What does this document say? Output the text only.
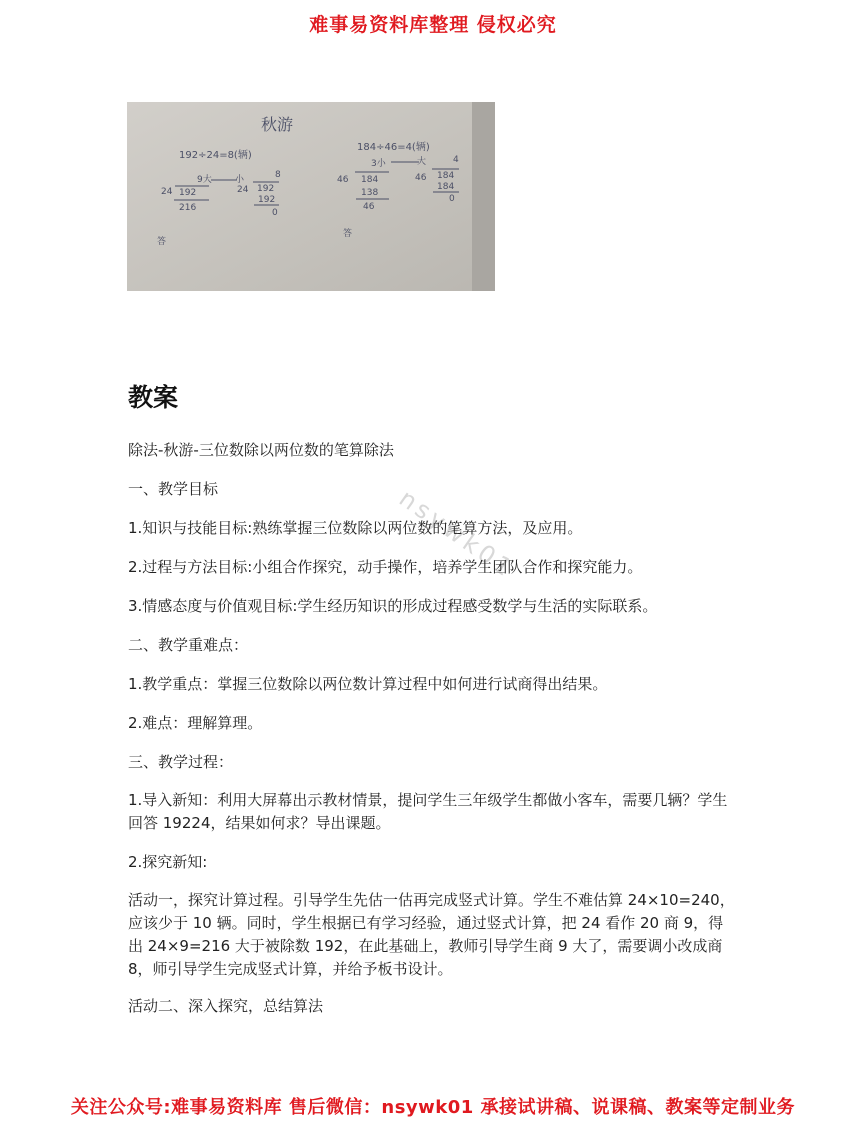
难事易资料库整理 侵权必究
秋游
192÷24=8(辆)
9大
24 192
216
小	8
24 192
192
0
答
184÷46=4(辆)
3小
46 184
138
46
大	4
46 184
184
0
答
nsywk01
教案
除法-秋游-三位数除以两位数的笔算除法
一、教学目标
1.知识与技能目标:熟练掌握三位数除以两位数的笔算方法，及应用。
2.过程与方法目标:小组合作探究，动手操作，培养学生团队合作和探究能力。
3.情感态度与价值观目标:学生经历知识的形成过程感受数学与生活的实际联系。
二、教学重难点：
1.教学重点：掌握三位数除以两位数计算过程中如何进行试商得出结果。
2.难点：理解算理。
三、教学过程：
1.导入新知：利用大屏幕出示教材情景，提问学生三年级学生都做小客车，需要几辆？学生回答 19224，结果如何求？导出课题。
2.探究新知:
活动一，探究计算过程。引导学生先估一估再完成竖式计算。学生不难估算 24×10=240，应该少于 10 辆。同时，学生根据已有学习经验，通过竖式计算，把 24 看作 20 商 9，得出 24×9=216 大于被除数 192，在此基础上，教师引导学生商 9 大了，需要调小改成商 8，师引导学生完成竖式计算，并给予板书设计。
活动二、深入探究，总结算法
关注公众号:难事易资料库 售后微信：nsywk01 承接试讲稿、说课稿、教案等定制业务
